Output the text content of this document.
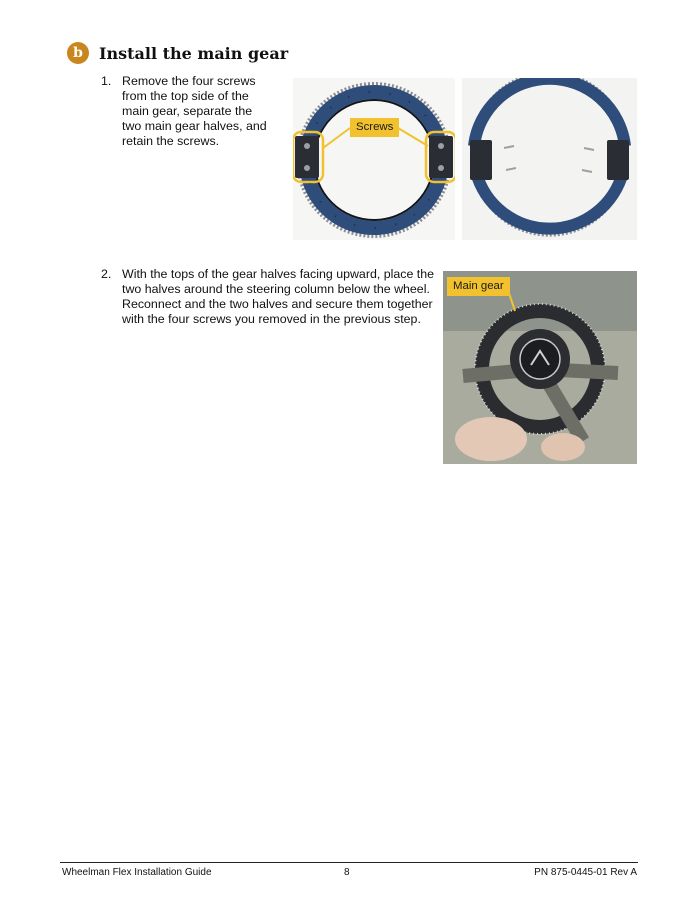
b	Install the main gear
1. Remove the four screws from the top side of the main gear, separate the two main gear halves, and retain the screws.
2. With the tops of the gear halves facing upward, place the two halves around the steering column below the wheel. Reconnect and the two halves and secure them together with the four screws you removed in the previous step.
Screws
Main gear
Wheelman Flex Installation Guide	8	PN 875-0445-01 Rev A
